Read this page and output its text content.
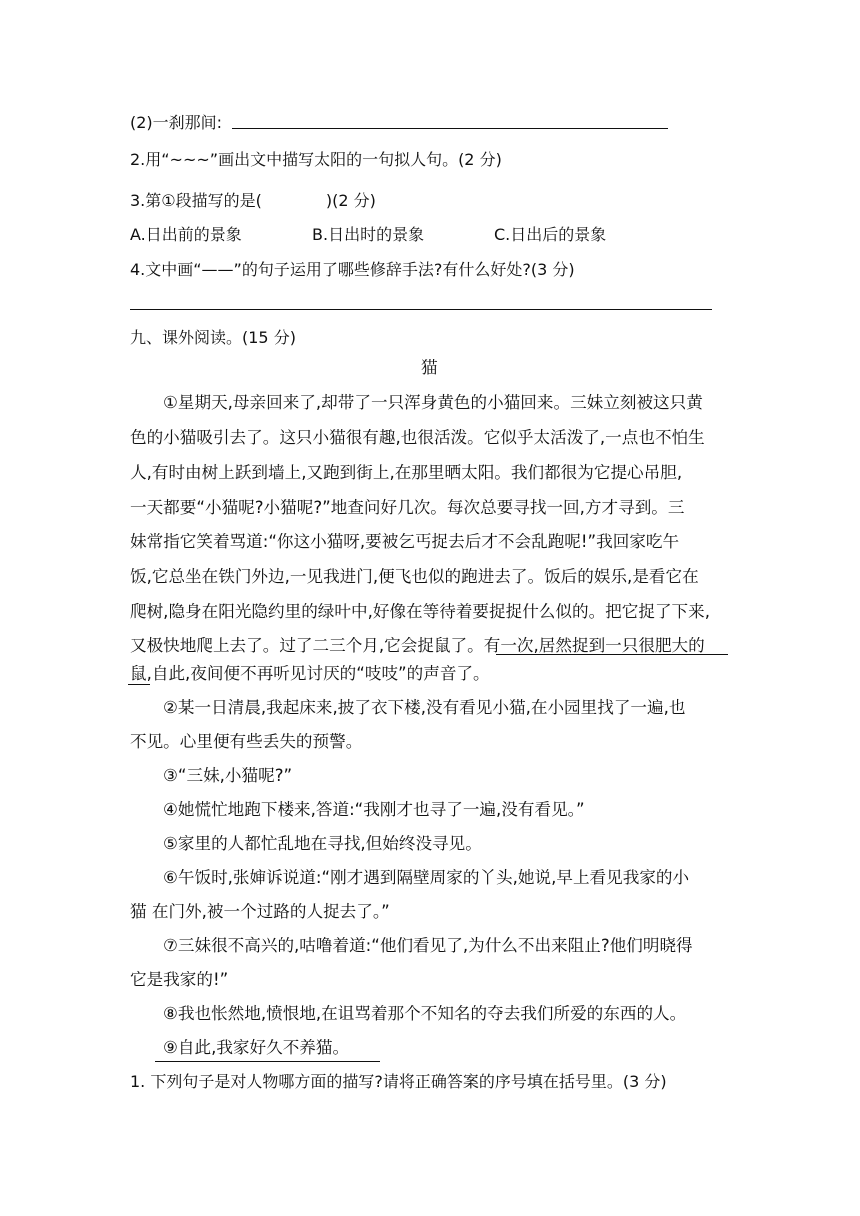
(2)一刹那间:
2.用“~~~”画出文中描写太阳的一句拟人句。(2 分)
3.第①段描写的是(　　　　)(2 分)
A.日出前的景象	B.日出时的景象	C.日出后的景象
4.文中画“——”的句子运用了哪些修辞手法?有什么好处?(3 分)
九、课外阅读。(15 分)
猫
①星期天,母亲回来了,却带了一只浑身黄色的小猫回来。三妹立刻被这只黄
色的小猫吸引去了。这只小猫很有趣,也很活泼。它似乎太活泼了,一点也不怕生
人,有时由树上跃到墙上,又跑到街上,在那里晒太阳。我们都很为它提心吊胆,
一天都要“小猫呢?小猫呢?”地查问好几次。每次总要寻找一回,方才寻到。三
妹常指它笑着骂道:“你这小猫呀,要被乞丐捉去后才不会乱跑呢!”我回家吃午
饭,它总坐在铁门外边,一见我进门,便飞也似的跑进去了。饭后的娱乐,是看它在
爬树,隐身在阳光隐约里的绿叶中,好像在等待着要捉捉什么似的。把它捉了下来,
又极快地爬上去了。过了二三个月,它会捉鼠了。有一次,居然捉到一只很肥大的
鼠,自此,夜间便不再听见讨厌的“吱吱”的声音了。
②某一日清晨,我起床来,披了衣下楼,没有看见小猫,在小园里找了一遍,也
不见。心里便有些丢失的预警。
③“三妹,小猫呢?”
④她慌忙地跑下楼来,答道:“我刚才也寻了一遍,没有看见。”
⑤家里的人都忙乱地在寻找,但始终没寻见。
⑥午饭时,张婶诉说道:“刚才遇到隔壁周家的丫头,她说,早上看见我家的小
猫 在门外,被一个过路的人捉去了。”
⑦三妹很不高兴的,咕噜着道:“他们看见了,为什么不出来阻止?他们明晓得
它是我家的!”
⑧我也怅然地,愤恨地,在诅骂着那个不知名的夺去我们所爱的东西的人。
⑨自此,我家好久不养猫。
1. 下列句子是对人物哪方面的描写?请将正确答案的序号填在括号里。(3 分)
